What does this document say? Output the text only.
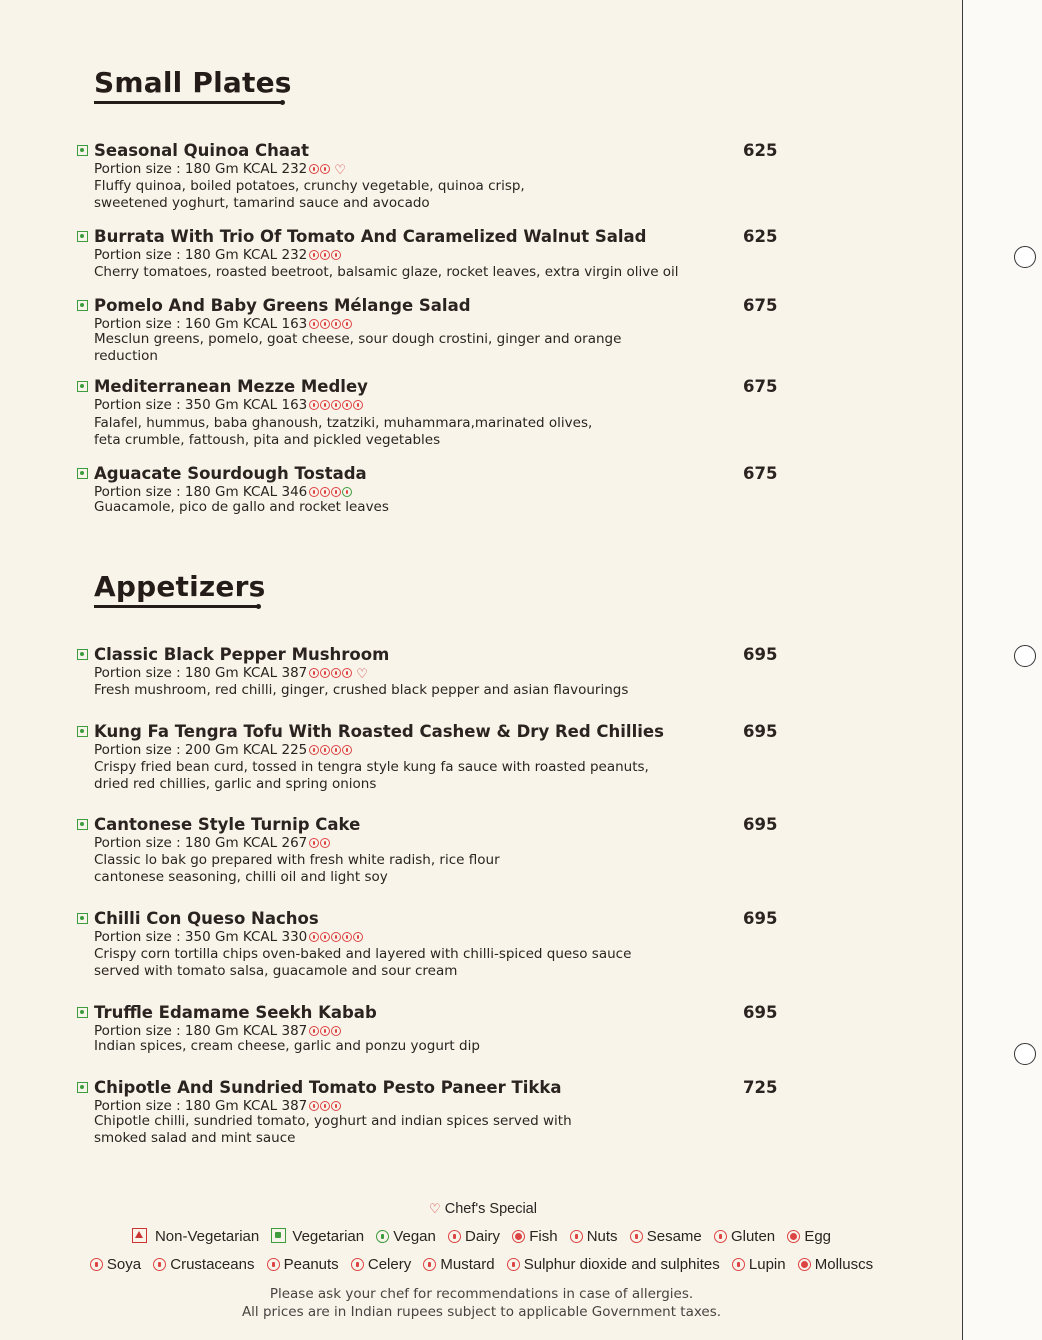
Small Plates
Seasonal Quinoa Chaat	625
Portion size : 180 Gm KCAL 232 ♡
Fluffy quinoa, boiled potatoes, crunchy vegetable, quinoa crisp,
sweetened yoghurt, tamarind sauce and avocado
Burrata With Trio Of Tomato And Caramelized Walnut Salad	625
Portion size : 180 Gm KCAL 232
Cherry tomatoes, roasted beetroot, balsamic glaze, rocket leaves, extra virgin olive oil
Pomelo And Baby Greens Mélange Salad	675
Portion size : 160 Gm KCAL 163
Mesclun greens, pomelo, goat cheese, sour dough crostini, ginger and orange
reduction
Mediterranean Mezze Medley	675
Portion size : 350 Gm KCAL 163
Falafel, hummus, baba ghanoush, tzatziki, muhammara,marinated olives,
feta crumble, fattoush, pita and pickled vegetables
Aguacate Sourdough Tostada	675
Portion size : 180 Gm KCAL 346
Guacamole, pico de gallo and rocket leaves
Appetizers
Classic Black Pepper Mushroom	695
Portion size : 180 Gm KCAL 387	♡
Fresh mushroom, red chilli, ginger, crushed black pepper and asian flavourings
Kung Fa Tengra Tofu With Roasted Cashew & Dry Red Chillies	695
Portion size : 200 Gm KCAL 225
Crispy fried bean curd, tossed in tengra style kung fa sauce with roasted peanuts,
dried red chillies, garlic and spring onions
Cantonese Style Turnip Cake	695
Portion size : 180 Gm KCAL 267
Classic lo bak go prepared with fresh white radish, rice flour
cantonese seasoning, chilli oil and light soy
Chilli Con Queso Nachos	695
Portion size : 350 Gm KCAL 330
Crispy corn tortilla chips oven-baked and layered with chilli-spiced queso sauce
served with tomato salsa, guacamole and sour cream
Truffle Edamame Seekh Kabab	695
Portion size : 180 Gm KCAL 387
Indian spices, cream cheese, garlic and ponzu yogurt dip
Chipotle And Sundried Tomato Pesto Paneer Tikka	725
Portion size : 180 Gm KCAL 387
Chipotle chilli, sundried tomato, yoghurt and indian spices served with
smoked salad and mint sauce
♡ Chef's Special
Non-Vegetarian Vegetarian Vegan Dairy Fish Nuts Sesame Gluten Egg
Soya Crustaceans Peanuts Celery Mustard Sulphur dioxide and sulphites Lupin Molluscs
Please ask your chef for recommendations in case of allergies.
All prices are in Indian rupees subject to applicable Government taxes.
